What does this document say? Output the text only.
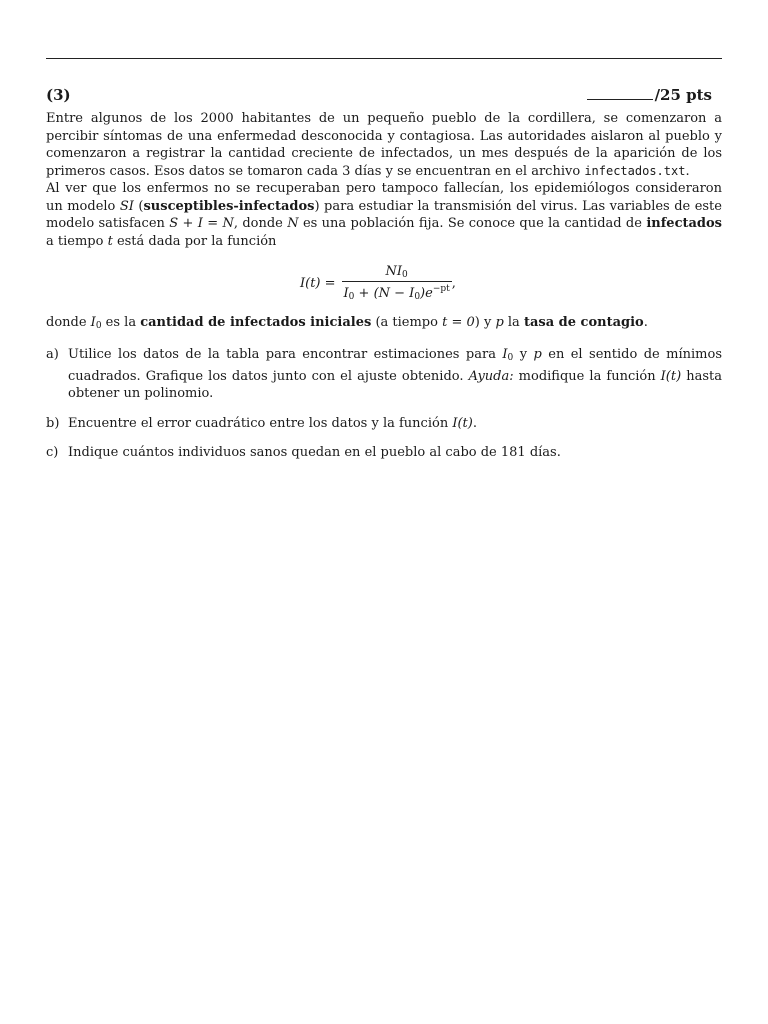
(3)	/25 pts

Entre algunos de los 2000 habitantes de un pequeño pueblo de la cordillera, se comenzaron a percibir síntomas de una enfermedad desconocida y contagiosa. Las autoridades aislaron al pueblo y comenzaron a registrar la cantidad creciente de infectados, un mes después de la aparición de los primeros casos. Esos datos se tomaron cada 3 días y se encuentran en el archivo infectados.txt.

Al ver que los enfermos no se recuperaban pero tampoco fallecían, los epidemiólogos consideraron un modelo SI (susceptibles-infectados) para estudiar la transmisión del virus. Las variables de este modelo satisfacen S + I = N, donde N es una población fija. Se conoce que la cantidad de infectados a tiempo t está dada por la función

$I(t) = \frac{NI_0}{I_0 + (N - I_0)e^{-pt}}$ ,
donde $I_0$ es la cantidad de infectados iniciales (a tiempo t = 0) y p la tasa de contagio.
a) Utilice los datos de la tabla para encontrar estimaciones para $I_0$ y p en el sentido de mínimos cuadrados. Grafique los datos junto con el ajuste obtenido. Ayuda: modifique la función I(t) hasta obtener un polinomio.
b) Encuentre el error cuadrático entre los datos y la función I(t).
c) Indique cuántos individuos sanos quedan en el pueblo al cabo de 181 días.
